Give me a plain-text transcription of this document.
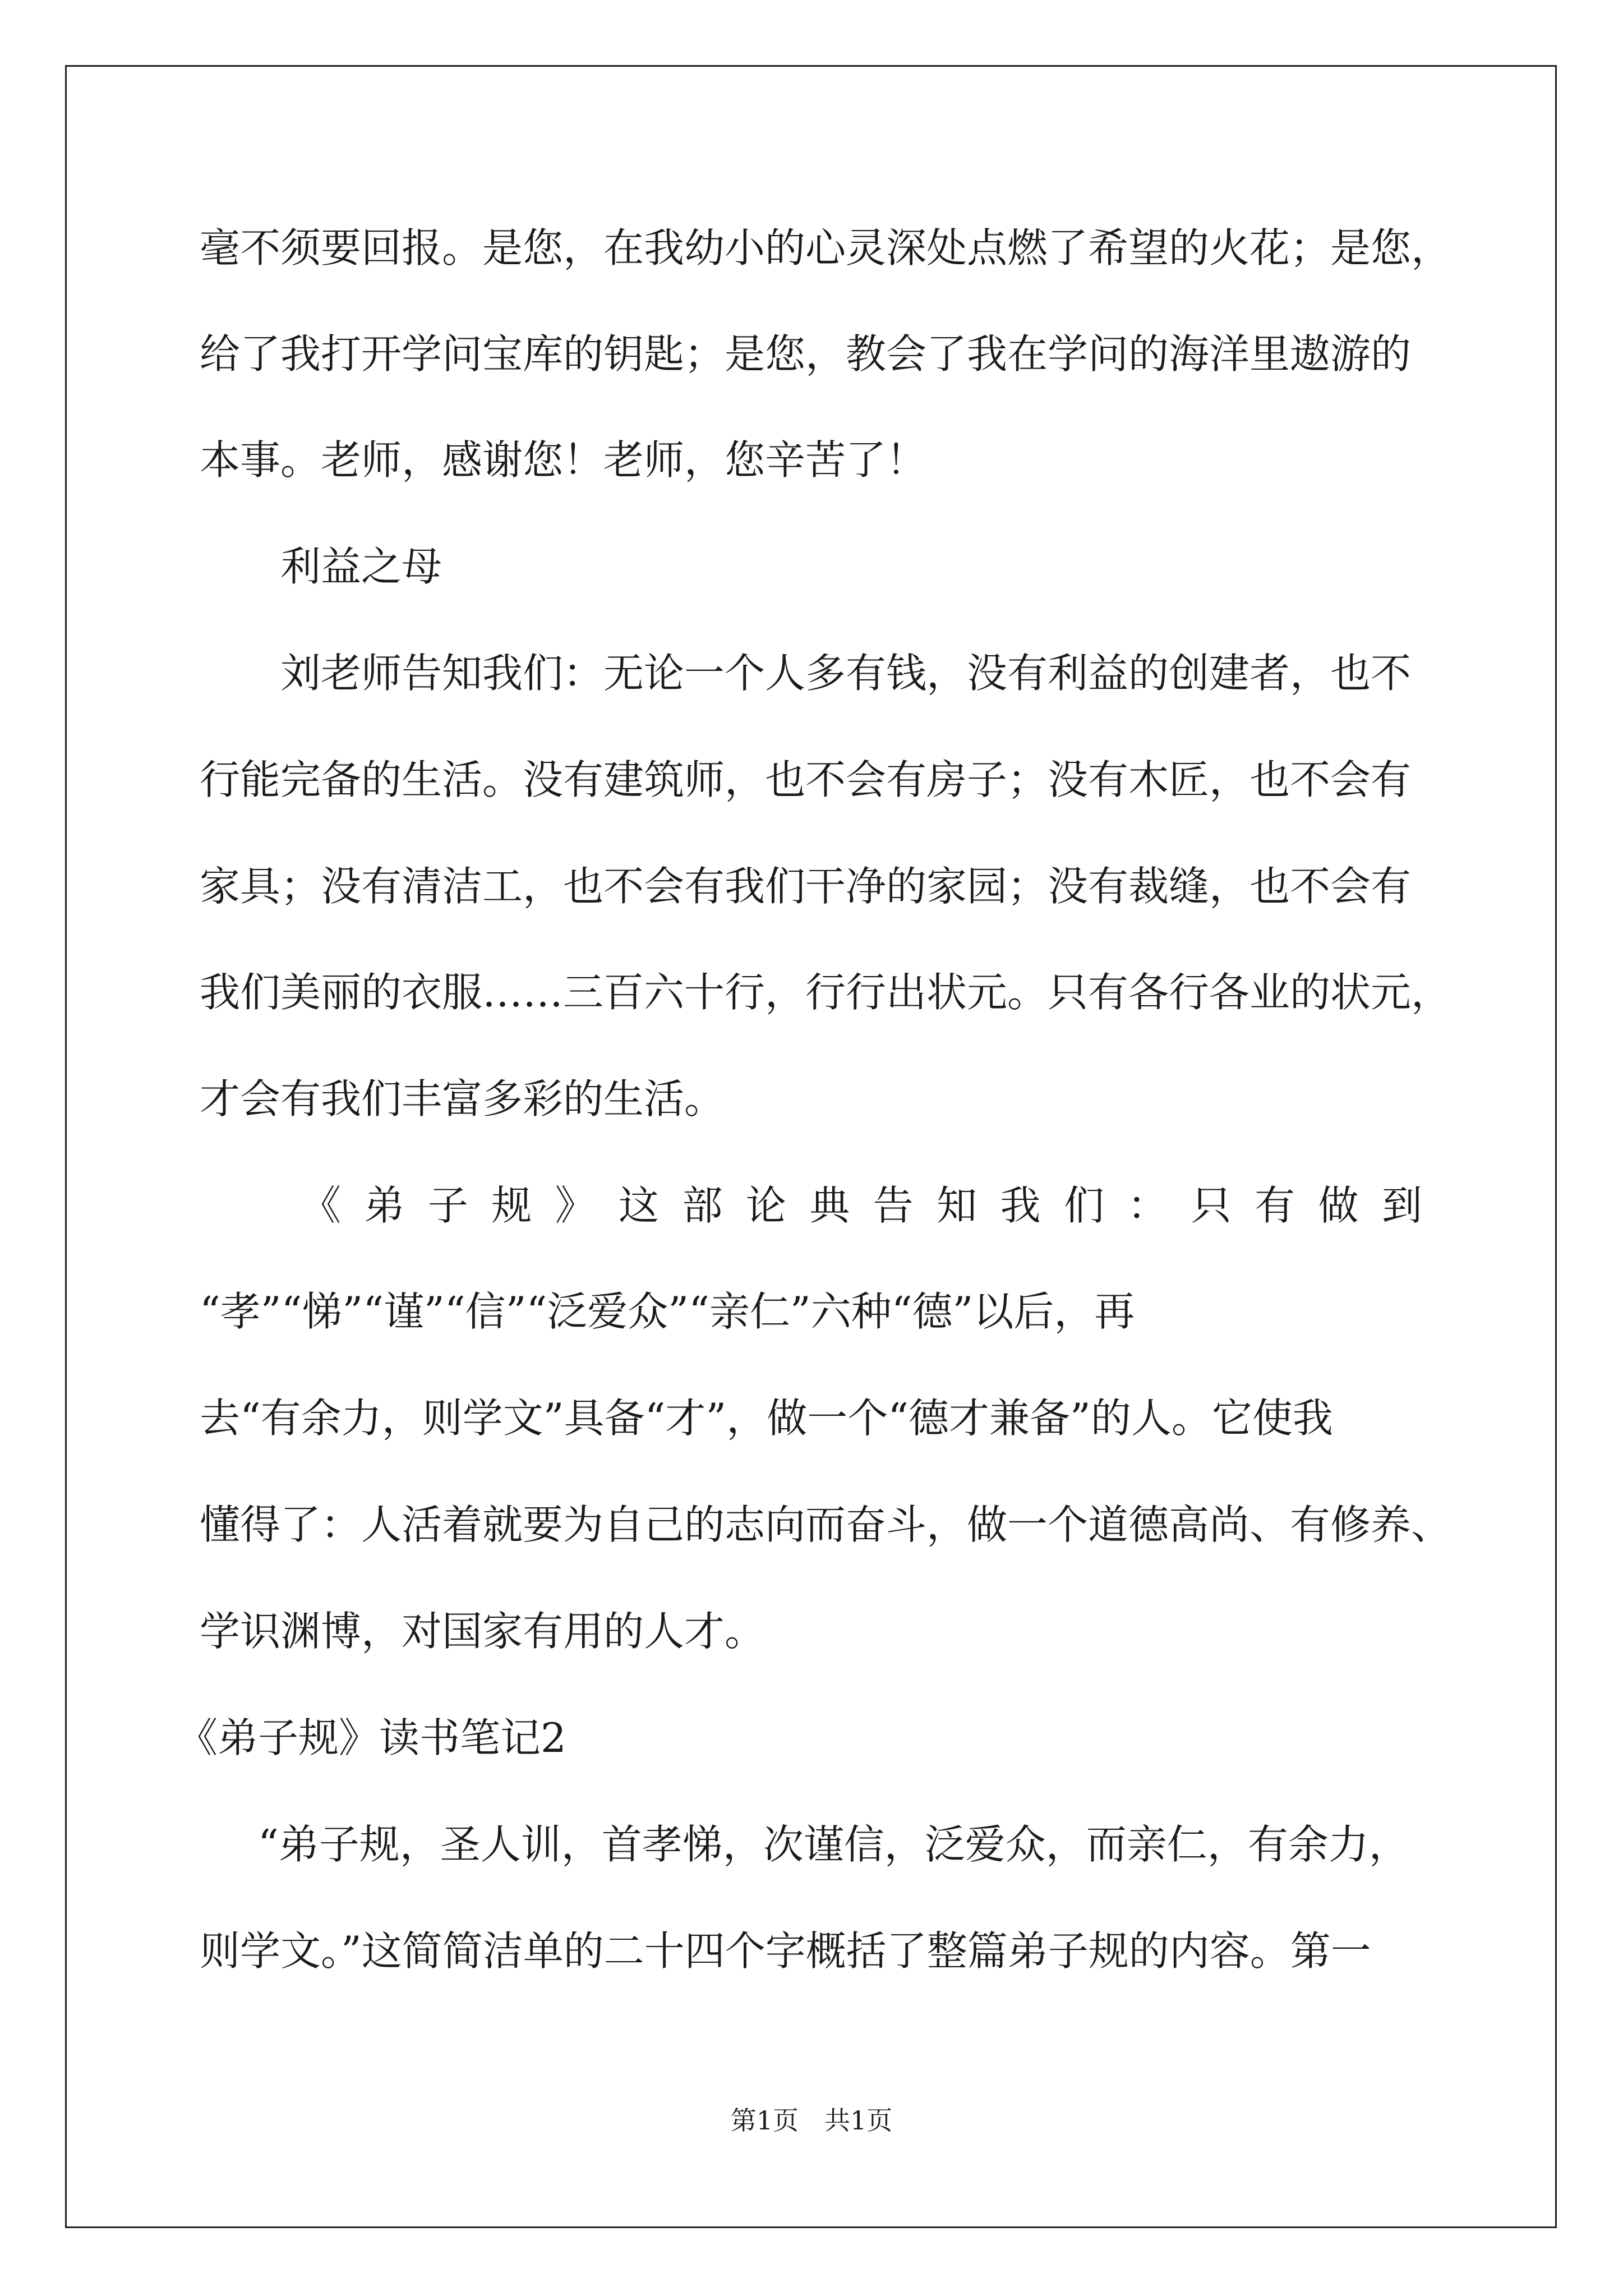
毫不须要回报。是您，在我幼小的心灵深处点燃了希望的火花；是您，
给了我打开学问宝库的钥匙；是您，教会了我在学问的海洋里遨游的
本事。老师，感谢您！老师，您辛苦了！
利益之母
刘老师告知我们：无论一个人多有钱，没有利益的创建者，也不
行能完备的生活。没有建筑师，也不会有房子；没有木匠，也不会有
家具；没有清洁工，也不会有我们干净的家园；没有裁缝，也不会有
我们美丽的衣服……三百六十行，行行出状元。只有各行各业的状元，
才会有我们丰富多彩的生活。
《 弟 子 规 》 这 部 论 典 告 知 我 们 ： 只 有 做 到
“孝”“悌”“谨”“信”“泛爱众”“亲仁”六种“德”以后，再
去“有余力，则学文”具备“才”，做一个“德才兼备”的人。它使我
懂得了：人活着就要为自己的志向而奋斗，做一个道德高尚、有修养、
学识渊博，对国家有用的人才。
《弟子规》读书笔记2
“弟子规，圣人训，首孝悌，次谨信，泛爱众，而亲仁，有余力，
则学文。”这简简洁单的二十四个字概括了整篇弟子规的内容。第一
第1页　共1页
